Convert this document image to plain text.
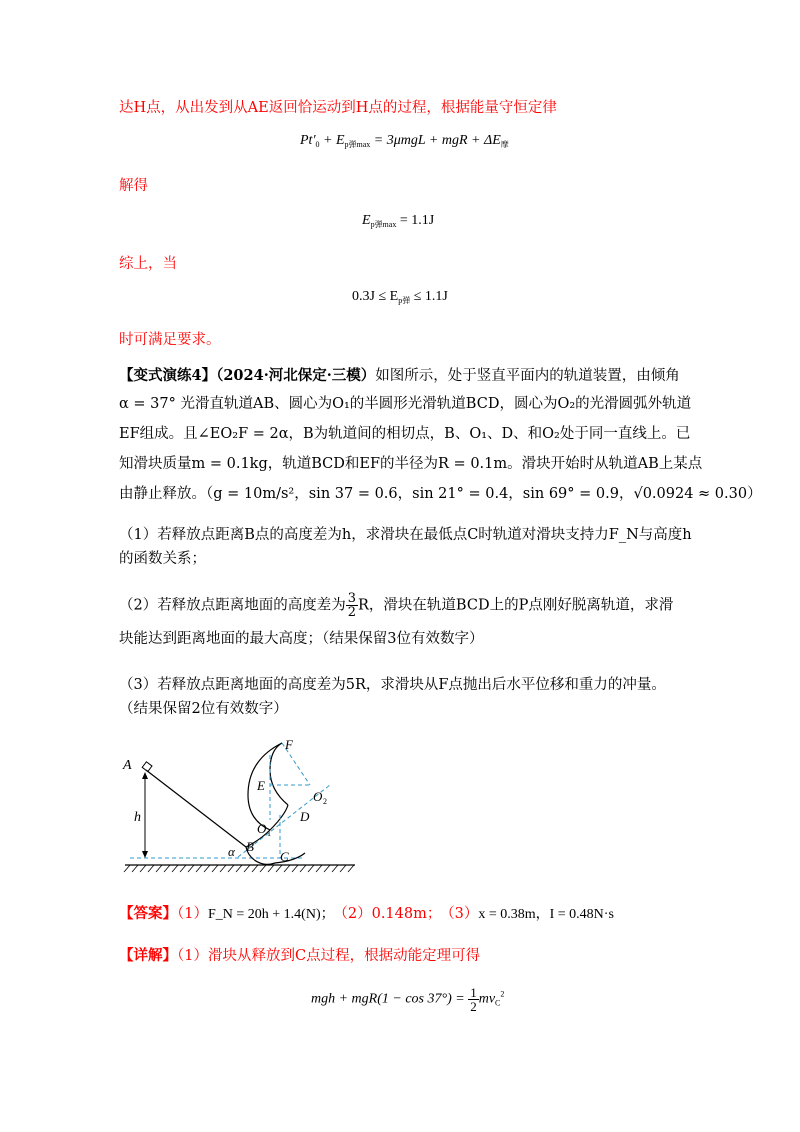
达H点，从出发到从AE返回恰运动到H点的过程，根据能量守恒定律
$Pt'_0 + E_{p弹max} = 3\mu mgL$ + mgR + $\Delta E_摩$
解得
$E_{p弹max} = 1.1J$
综上，当
$0.3J \le E_{p弹} \le 1.1J$
时可满足要求。
【变式演练4】（2024·河北保定·三模）如图所示，处于竖直平面内的轨道装置，由倾角
α = 37° 光滑直轨道AB、圆心为O₁的半圆形光滑轨道BCD，圆心为O₂的光滑圆弧外轨道
EF组成。且∠EO₂F = 2α，B为轨道间的相切点，B、O₁、D、和O₂处于同一直线上。已
知滑块质量m = 0.1kg，轨道BCD和EF的半径为R = 0.1m。滑块开始时从轨道AB上某点
由静止释放。（g = 10m/s²，sin 37 = 0.6，sin 21° = 0.4，sin 69° = 0.9，√0.0924 ≈ 0.30）
（1）若释放点距离B点的高度差为h，求滑块在最低点C时轨道对滑块支持力F_N与高度h
的函数关系；
（2）若释放点距离地面的高度差为 $\frac{3}{2}$ R，滑块在轨道BCD上的P点刚好脱离轨道，求滑
块能达到距离地面的最大高度；（结果保留3位有效数字）
（3）若释放点距离地面的高度差为5R，求滑块从F点抛出后水平位移和重力的冲量。
（结果保留2位有效数字）
A
h
α B
C
D
O 1
O 2
E
F
【答案】（1）F_N = 20h + 1.4(N)； （2）0.148m； （3）x = 0.38m，I = 0.48N·s
【详解】（1）滑块从释放到C点过程，根据动能定理可得
mgh + $mgR(1 - \cos 37^\circ) = \frac{1}{2} mv_C^2$
